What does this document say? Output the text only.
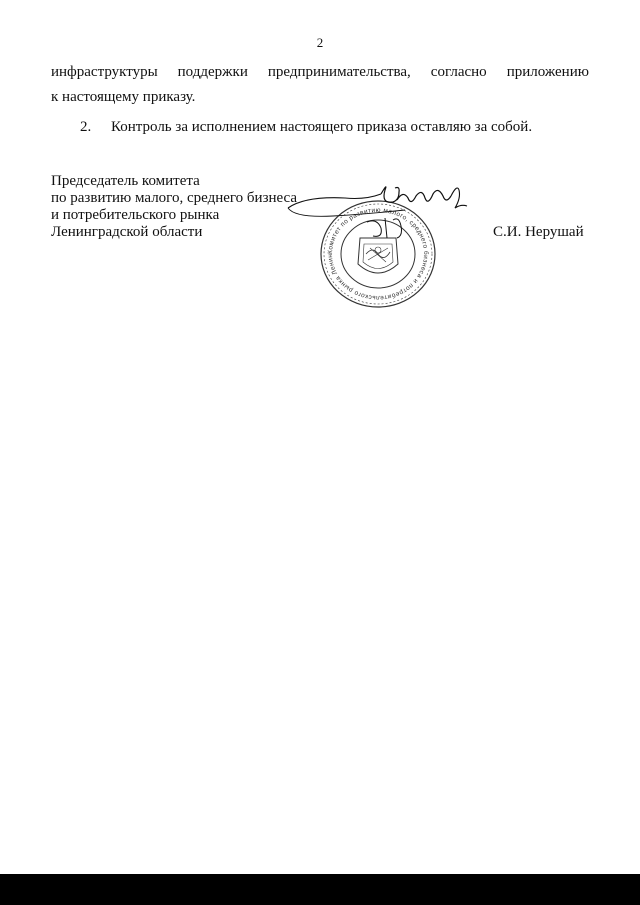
2
инфраструктуры поддержки предпринимательства, согласно приложению
к настоящему приказу.
2. Контроль за исполнением настоящего приказа оставляю за собой.
Председатель комитета
по развитию малого, среднего бизнеса
и потребительского рынка
Ленинградской области
Комитет по развитию малого, среднего бизнеса и потребительского рынка Ленин
С.И. Нерушай
